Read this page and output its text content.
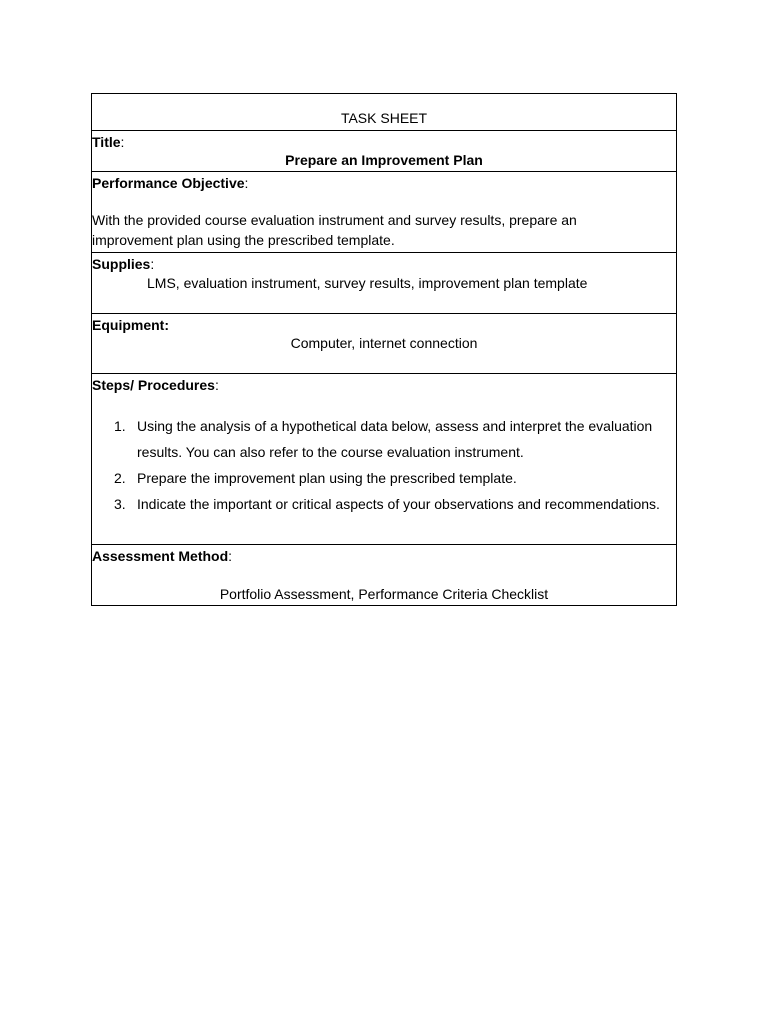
TASK SHEET
Title:
Prepare an Improvement Plan
Performance Objective:
With the provided course evaluation instrument and survey results, prepare an improvement plan using the prescribed template.
Supplies:
LMS, evaluation instrument, survey results, improvement plan template
Equipment:
Computer, internet connection
Steps/ Procedures:
1. Using the analysis of a hypothetical data below, assess and interpret the evaluation results. You can also refer to the course evaluation instrument.
2. Prepare the improvement plan using the prescribed template.
3. Indicate the important or critical aspects of your observations and recommendations.
Assessment Method:
Portfolio Assessment, Performance Criteria Checklist
